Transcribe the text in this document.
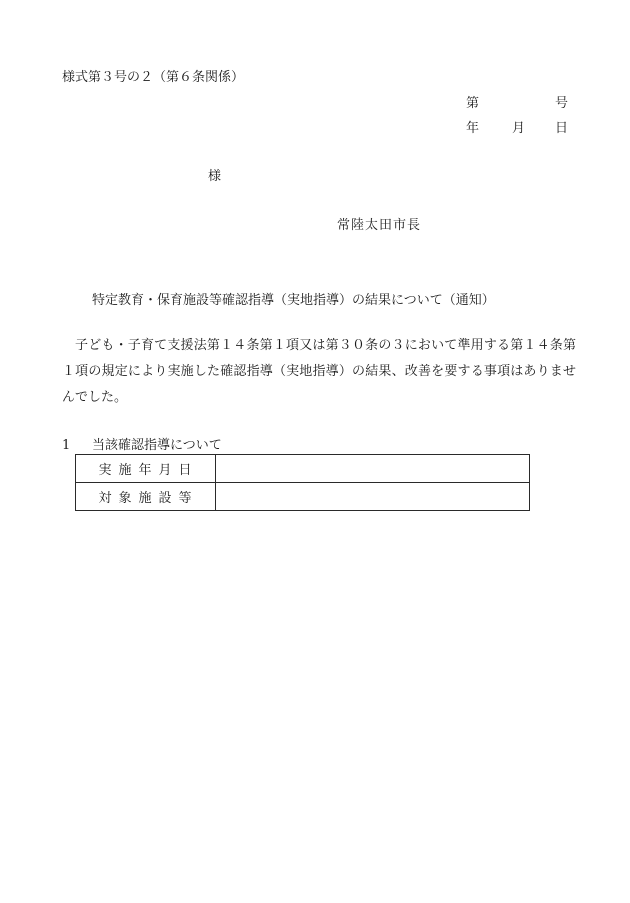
様式第３号の２（第６条関係）
第	号
年	月 日
様
常陸太田市長
特定教育・保育施設等確認指導（実地指導）の結果について（通知）
子ども・子育て支援法第１４条第１項又は第３０条の３において準用する第１４条第１項の規定により実施した確認指導（実地指導）の結果、改善を要する事項はありませんでした。
1 当該確認指導について
実施年月日	
対象施設等	
